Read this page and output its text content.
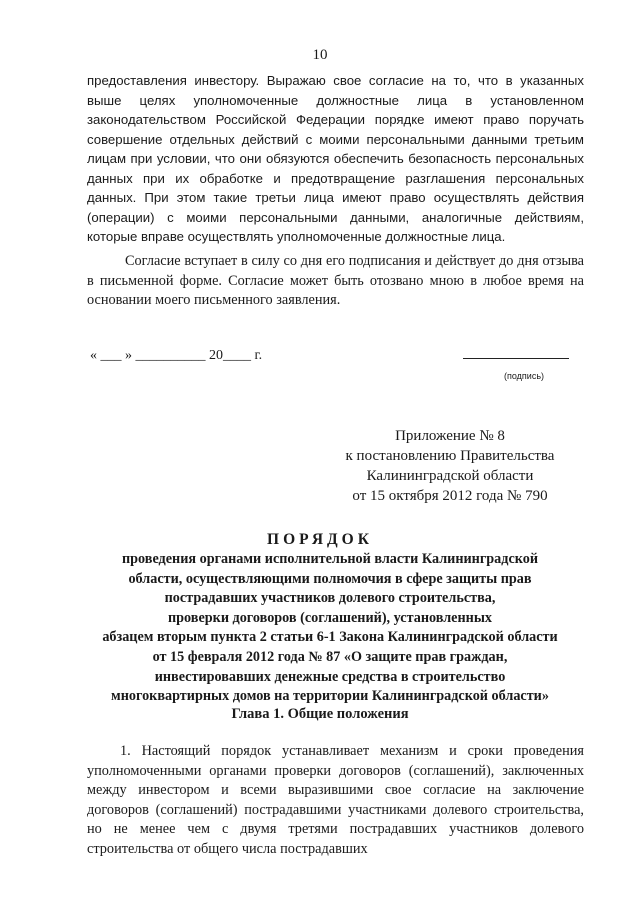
10

предоставления инвестору. Выражаю свое согласие на то, что в указанных выше целях уполномоченные должностные лица в установленном законодательством Российской Федерации порядке имеют право поручать совершение отдельных действий с моими персональными данными третьим лицам при условии, что они обязуются обеспечить безопасность персональных данных при их обработке и предотвращение разглашения персональных данных. При этом такие третьи лица имеют право осуществлять действия (операции) с моими персональными данными, аналогичные действиям, которые вправе осуществлять уполномоченные должностные лица.

Согласие вступает в силу со дня его подписания и действует до дня отзыва в письменной форме. Согласие может быть отозвано мною в любое время на основании моего письменного заявления.

« ___ » __________ 20____ г.
(подпись)
Приложение № 8
к постановлению Правительства
Калининградской области
от 15 октября 2012 года № 790
ПОРЯДОК
проведения органами исполнительной власти Калининградской
области, осуществляющими полномочия в сфере защиты прав
пострадавших участников долевого строительства,
проверки договоров (соглашений), установленных
абзацем вторым пункта 2 статьи 6-1 Закона Калининградской области
от 15 февраля 2012 года № 87 «О защите прав граждан,
инвестировавших денежные средства в строительство
многоквартирных домов на территории Калининградской области»
Глава 1. Общие положения

1. Настоящий порядок устанавливает механизм и сроки проведения уполномоченными органами проверки договоров (соглашений), заключенных между инвестором и всеми выразившими свое согласие на заключение договоров (соглашений) пострадавшими участниками долевого строительства, но не менее чем с двумя третями пострадавших участников долевого строительства от общего числа пострадавших
